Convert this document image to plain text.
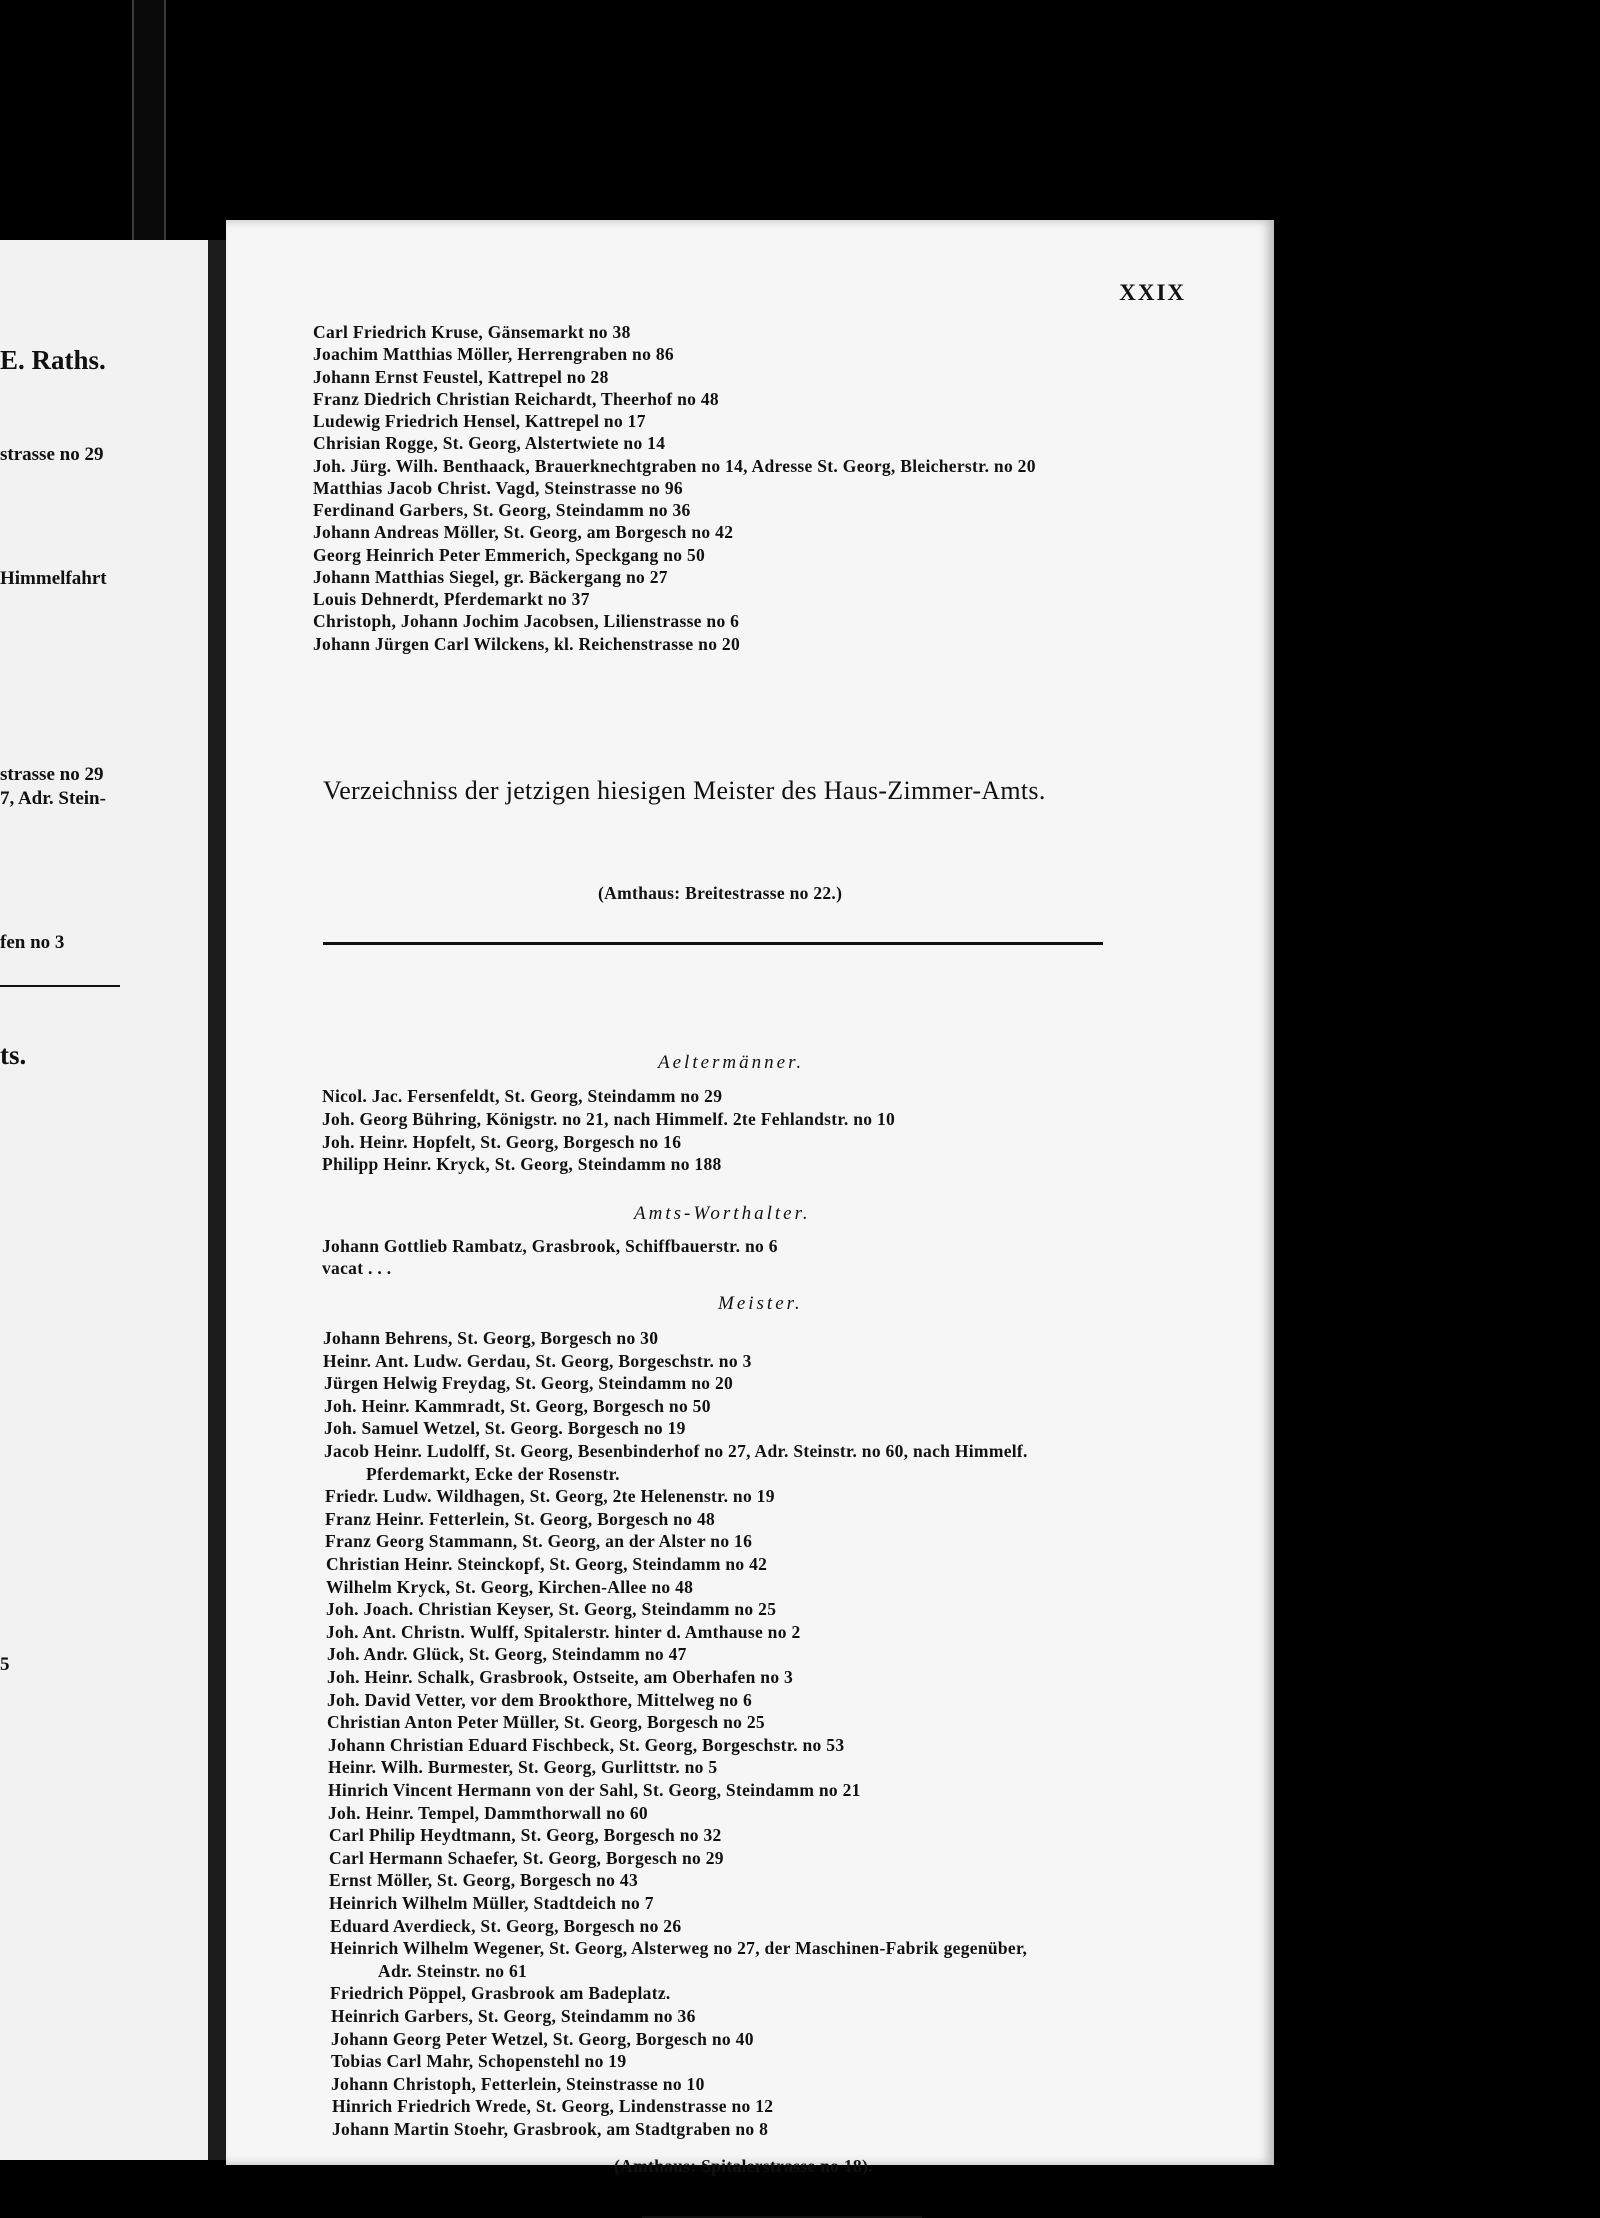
E. Raths.
strasse no 29
Himmelfahrt
strasse no 29
7, Adr. Stein-
fen no 3
ts.
5
XXIX
Carl Friedrich Kruse, Gänsemarkt no 38
Joachim Matthias Möller, Herrengraben no 86
Johann Ernst Feustel, Kattrepel no 28
Franz Diedrich Christian Reichardt, Theerhof no 48
Ludewig Friedrich Hensel, Kattrepel no 17
Chrisian Rogge, St. Georg, Alstertwiete no 14
Joh. Jürg. Wilh. Benthaack, Brauerknechtgraben no 14, Adresse St. Georg, Bleicherstr. no 20
Matthias Jacob Christ. Vagd, Steinstrasse no 96
Ferdinand Garbers, St. Georg, Steindamm no 36
Johann Andreas Möller, St. Georg, am Borgesch no 42
Georg Heinrich Peter Emmerich, Speckgang no 50
Johann Matthias Siegel, gr. Bäckergang no 27
Louis Dehnerdt, Pferdemarkt no 37
Christoph, Johann Jochim Jacobsen, Lilienstrasse no 6
Johann Jürgen Carl Wilckens, kl. Reichenstrasse no 20
(Amthaus: Breitestrasse no 22.)
Verzeichniss der jetzigen hiesigen Meister des Haus-Zimmer-Amts.
Aeltermänner.
Nicol. Jac. Fersenfeldt, St. Georg, Steindamm no 29
Joh. Georg Bühring, Königstr. no 21, nach Himmelf. 2te Fehlandstr. no 10
Joh. Heinr. Hopfelt, St. Georg, Borgesch no 16
Philipp Heinr. Kryck, St. Georg, Steindamm no 188
Amts-Worthalter.
Johann Gottlieb Rambatz, Grasbrook, Schiffbauerstr. no 6
vacat . . .
Meister.
Johann Behrens, St. Georg, Borgesch no 30
Heinr. Ant. Ludw. Gerdau, St. Georg, Borgeschstr. no 3
Jürgen Helwig Freydag, St. Georg, Steindamm no 20
Joh. Heinr. Kammradt, St. Georg, Borgesch no 50
Joh. Samuel Wetzel, St. Georg. Borgesch no 19
Jacob Heinr. Ludolff, St. Georg, Besenbinderhof no 27, Adr. Steinstr. no 60, nach Himmelf.
Pferdemarkt, Ecke der Rosenstr.
Friedr. Ludw. Wildhagen, St. Georg, 2te Helenenstr. no 19
Franz Heinr. Fetterlein, St. Georg, Borgesch no 48
Franz Georg Stammann, St. Georg, an der Alster no 16
Christian Heinr. Steinckopf, St. Georg, Steindamm no 42
Wilhelm Kryck, St. Georg, Kirchen-Allee no 48
Joh. Joach. Christian Keyser, St. Georg, Steindamm no 25
Joh. Ant. Christn. Wulff, Spitalerstr. hinter d. Amthause no 2
Joh. Andr. Glück, St. Georg, Steindamm no 47
Joh. Heinr. Schalk, Grasbrook, Ostseite, am Oberhafen no 3
Joh. David Vetter, vor dem Brookthore, Mittelweg no 6
Christian Anton Peter Müller, St. Georg, Borgesch no 25
Johann Christian Eduard Fischbeck, St. Georg, Borgeschstr. no 53
Heinr. Wilh. Burmester, St. Georg, Gurlittstr. no 5
Hinrich Vincent Hermann von der Sahl, St. Georg, Steindamm no 21
Joh. Heinr. Tempel, Dammthorwall no 60
Carl Philip Heydtmann, St. Georg, Borgesch no 32
Carl Hermann Schaefer, St. Georg, Borgesch no 29
Ernst Möller, St. Georg, Borgesch no 43
Heinrich Wilhelm Müller, Stadtdeich no 7
Eduard Averdieck, St. Georg, Borgesch no 26
Heinrich Wilhelm Wegener, St. Georg, Alsterweg no 27, der Maschinen-Fabrik gegenüber,
Adr. Steinstr. no 61
Friedrich Pöppel, Grasbrook am Badeplatz.
Heinrich Garbers, St. Georg, Steindamm no 36
Johann Georg Peter Wetzel, St. Georg, Borgesch no 40
Tobias Carl Mahr, Schopenstehl no 19
Johann Christoph, Fetterlein, Steinstrasse no 10
Hinrich Friedrich Wrede, St. Georg, Lindenstrasse no 12
Johann Martin Stoehr, Grasbrook, am Stadtgraben no 8
(Amthaus: Spitalerstrasse no 18).
